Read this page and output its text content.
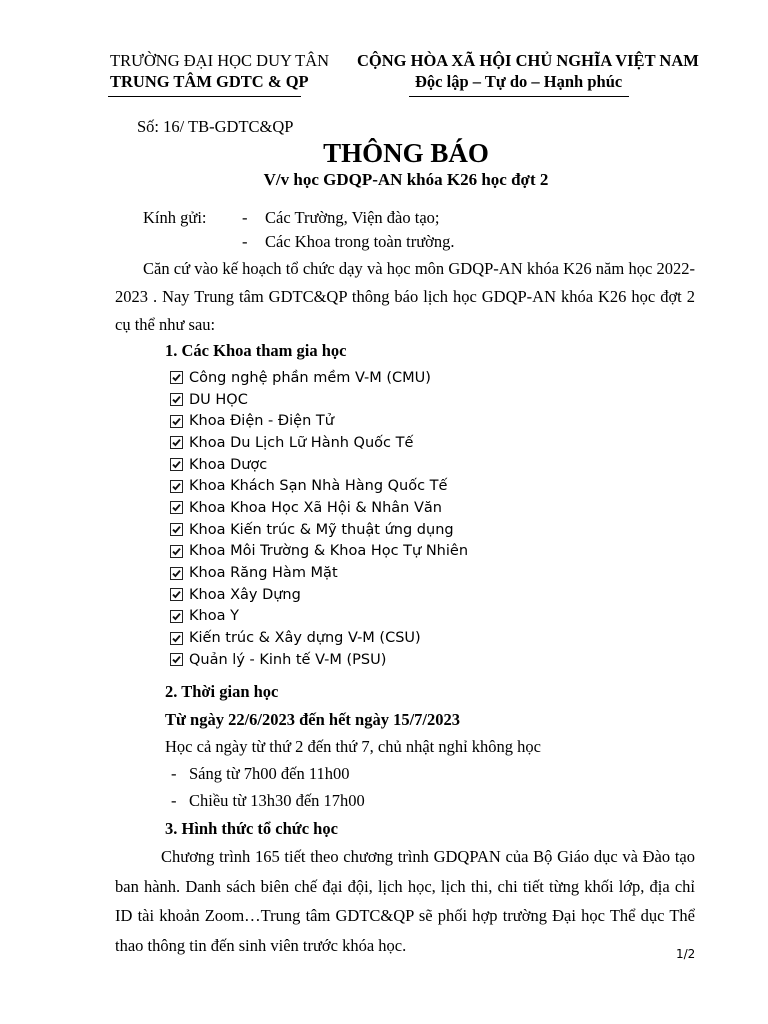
TRƯỜNG ĐẠI HỌC DUY TÂN
TRUNG TÂM GDTC & QP
CỘNG HÒA XÃ HỘI CHỦ NGHĨA VIỆT NAM
Độc lập – Tự do – Hạnh phúc
Số: 16/ TB-GDTC&QP
THÔNG BÁO
V/v học GDQP-AN khóa K26 học đợt 2
Kính gửi: - Các Trường, Viện đào tạo;
- Các Khoa trong toàn trường.
Căn cứ vào kế hoạch tổ chức dạy và học môn GDQP-AN khóa K26 năm học 2022-2023 . Nay Trung tâm GDTC&QP thông báo lịch học GDQP-AN khóa K26 học đợt 2 cụ thể như sau:
1. Các Khoa tham gia học
Công nghệ phần mềm V-M (CMU)
DU HỌC
Khoa Điện - Điện Tử
Khoa Du Lịch Lữ Hành Quốc Tế
Khoa Dược
Khoa Khách Sạn Nhà Hàng Quốc Tế
Khoa Khoa Học Xã Hội & Nhân Văn
Khoa Kiến trúc & Mỹ thuật ứng dụng
Khoa Môi Trường & Khoa Học Tự Nhiên
Khoa Răng Hàm Mặt
Khoa Xây Dựng
Khoa Y
Kiến trúc & Xây dựng V-M (CSU)
Quản lý - Kinh tế V-M (PSU)
2. Thời gian học
Từ ngày 22/6/2023 đến hết ngày 15/7/2023
Học cả ngày từ thứ 2 đến thứ 7, chủ nhật nghỉ không học
- Sáng từ 7h00 đến 11h00
- Chiều từ 13h30 đến 17h00
3. Hình thức tổ chức học
Chương trình 165 tiết theo chương trình GDQPAN của Bộ Giáo dục và Đào tạo ban hành. Danh sách biên chế đại đội, lịch học, lịch thi, chi tiết từng khối lớp, địa chỉ ID tài khoản Zoom…Trung tâm GDTC&QP sẽ phối hợp trường Đại học Thể dục Thể thao thông tin đến sinh viên trước khóa học.	1/2
